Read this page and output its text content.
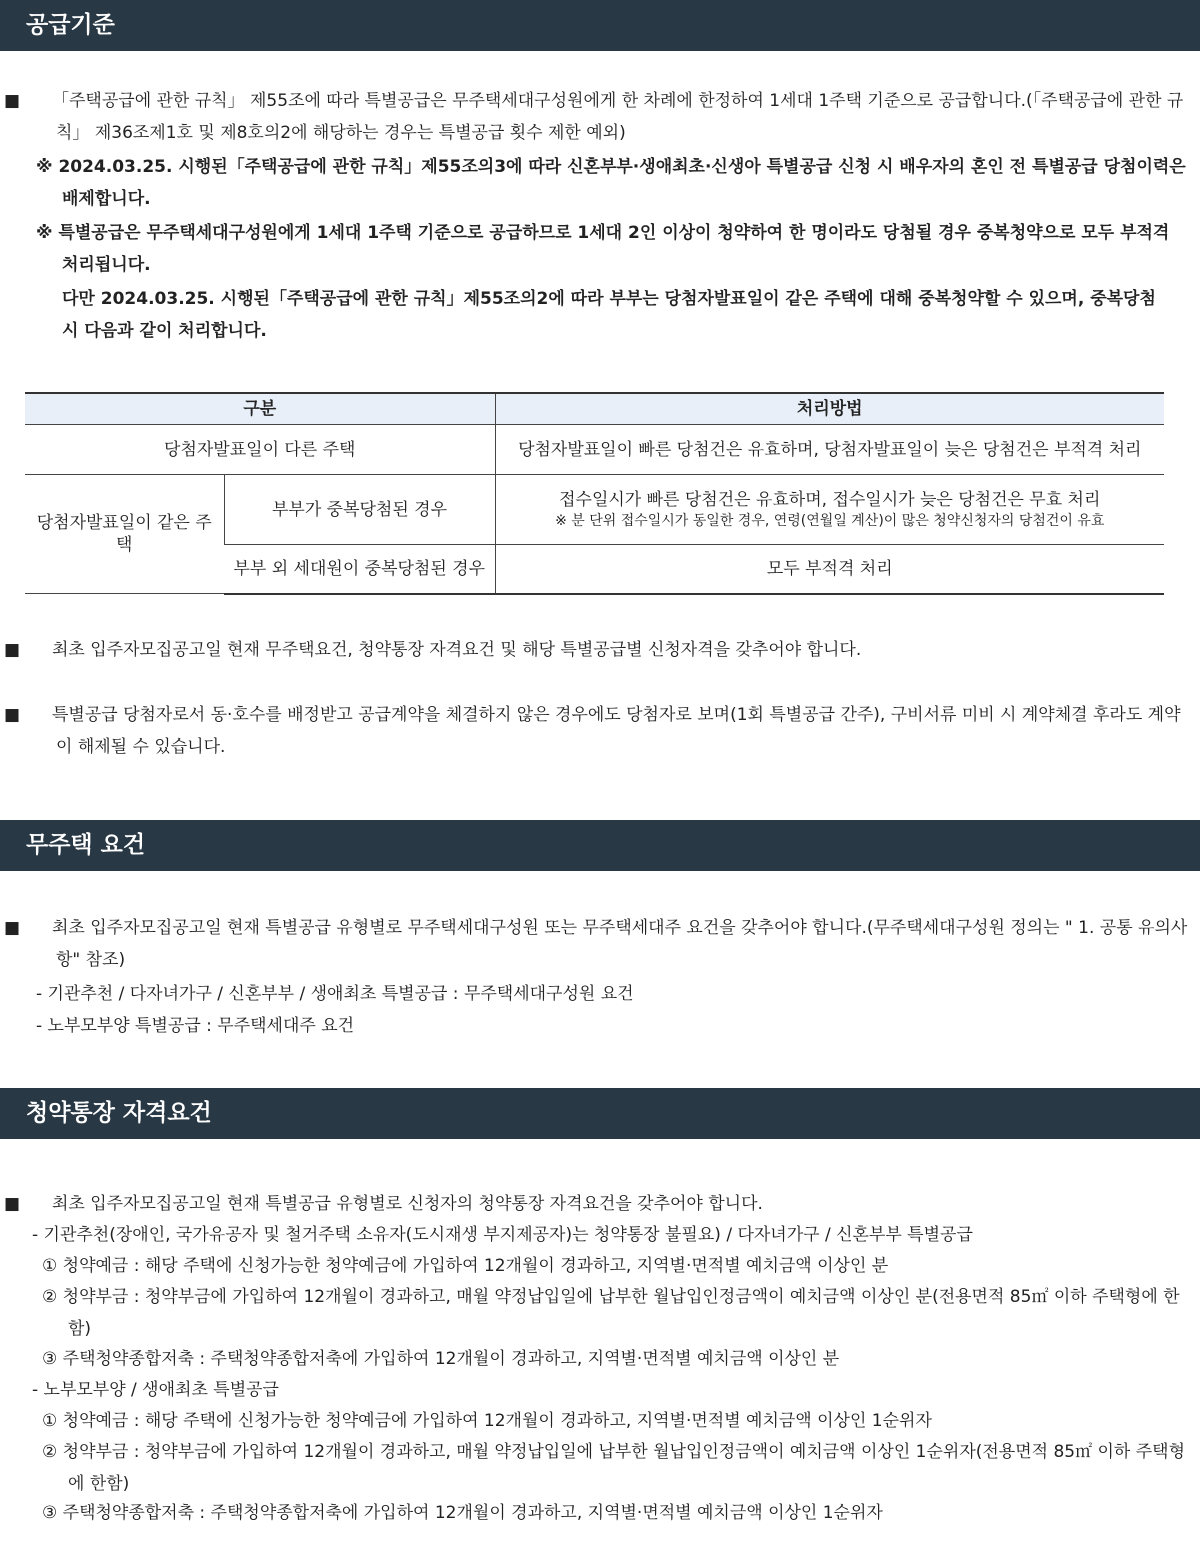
공급기준

■ 「주택공급에 관한 규칙」 제55조에 따라 특별공급은 무주택세대구성원에게 한 차례에 한정하여 1세대 1주택 기준으로 공급합니다.(「주택공급에 관한 규칙」 제36조제1호 및 제8호의2에 해당하는 경우는 특별공급 횟수 제한 예외)

※ 2024.03.25. 시행된「주택공급에 관한 규칙」제55조의3에 따라 신혼부부·생애최초·신생아 특별공급 신청 시 배우자의 혼인 전 특별공급 당첨이력은 배제합니다.

※ 특별공급은 무주택세대구성원에게 1세대 1주택 기준으로 공급하므로 1세대 2인 이상이 청약하여 한 명이라도 당첨될 경우 중복청약으로 모두 부적격 처리됩니다.

다만 2024.03.25. 시행된「주택공급에 관한 규칙」제55조의2에 따라 부부는 당첨자발표일이 같은 주택에 대해 중복청약할 수 있으며, 중복당첨 시 다음과 같이 처리합니다.

구분		처리방법
당첨자발표일이 다른 주택		당첨자발표일이 빠른 당첨건은 유효하며, 당첨자발표일이 늦은 당첨건은 부적격 처리
당첨자발표일이 같은 주택	부부가 중복당첨된 경우	접수일시가 빠른 당첨건은 유효하며, 접수일시가 늦은 당첨건은 무효 처리
※ 분 단위 접수일시가 동일한 경우, 연령(연월일 계산)이 많은 청약신청자의 당첨건이 유효

	부부 외 세대원이 중복당첨된 경우	모두 부적격 처리

■ 최초 입주자모집공고일 현재 무주택요건, 청약통장 자격요건 및 해당 특별공급별 신청자격을 갖추어야 합니다.

■ 특별공급 당첨자로서 동·호수를 배정받고 공급계약을 체결하지 않은 경우에도 당첨자로 보며(1회 특별공급 간주), 구비서류 미비 시 계약체결 후라도 계약이 해제될 수 있습니다.

무주택 요건

■ 최초 입주자모집공고일 현재 특별공급 유형별로 무주택세대구성원 또는 무주택세대주 요건을 갖추어야 합니다.(무주택세대구성원 정의는 " 1. 공통 유의사항" 참조)

- 기관추천 / 다자녀가구 / 신혼부부 / 생애최초 특별공급 : 무주택세대구성원 요건

- 노부모부양 특별공급 : 무주택세대주 요건

청약통장 자격요건

■ 최초 입주자모집공고일 현재 특별공급 유형별로 신청자의 청약통장 자격요건을 갖추어야 합니다.

- 기관추천(장애인, 국가유공자 및 철거주택 소유자(도시재생 부지제공자)는 청약통장 불필요) / 다자녀가구 / 신혼부부 특별공급

① 청약예금 : 해당 주택에 신청가능한 청약예금에 가입하여 12개월이 경과하고, 지역별·면적별 예치금액 이상인 분

② 청약부금 : 청약부금에 가입하여 12개월이 경과하고, 매월 약정납입일에 납부한 월납입인정금액이 예치금액 이상인 분(전용면적 85㎡ 이하 주택형에 한함)

③ 주택청약종합저축 : 주택청약종합저축에 가입하여 12개월이 경과하고, 지역별·면적별 예치금액 이상인 분

- 노부모부양 / 생애최초 특별공급

① 청약예금 : 해당 주택에 신청가능한 청약예금에 가입하여 12개월이 경과하고, 지역별·면적별 예치금액 이상인 1순위자

② 청약부금 : 청약부금에 가입하여 12개월이 경과하고, 매월 약정납입일에 납부한 월납입인정금액이 예치금액 이상인 1순위자(전용면적 85㎡ 이하 주택형에 한함)

③ 주택청약종합저축 : 주택청약종합저축에 가입하여 12개월이 경과하고, 지역별·면적별 예치금액 이상인 1순위자
